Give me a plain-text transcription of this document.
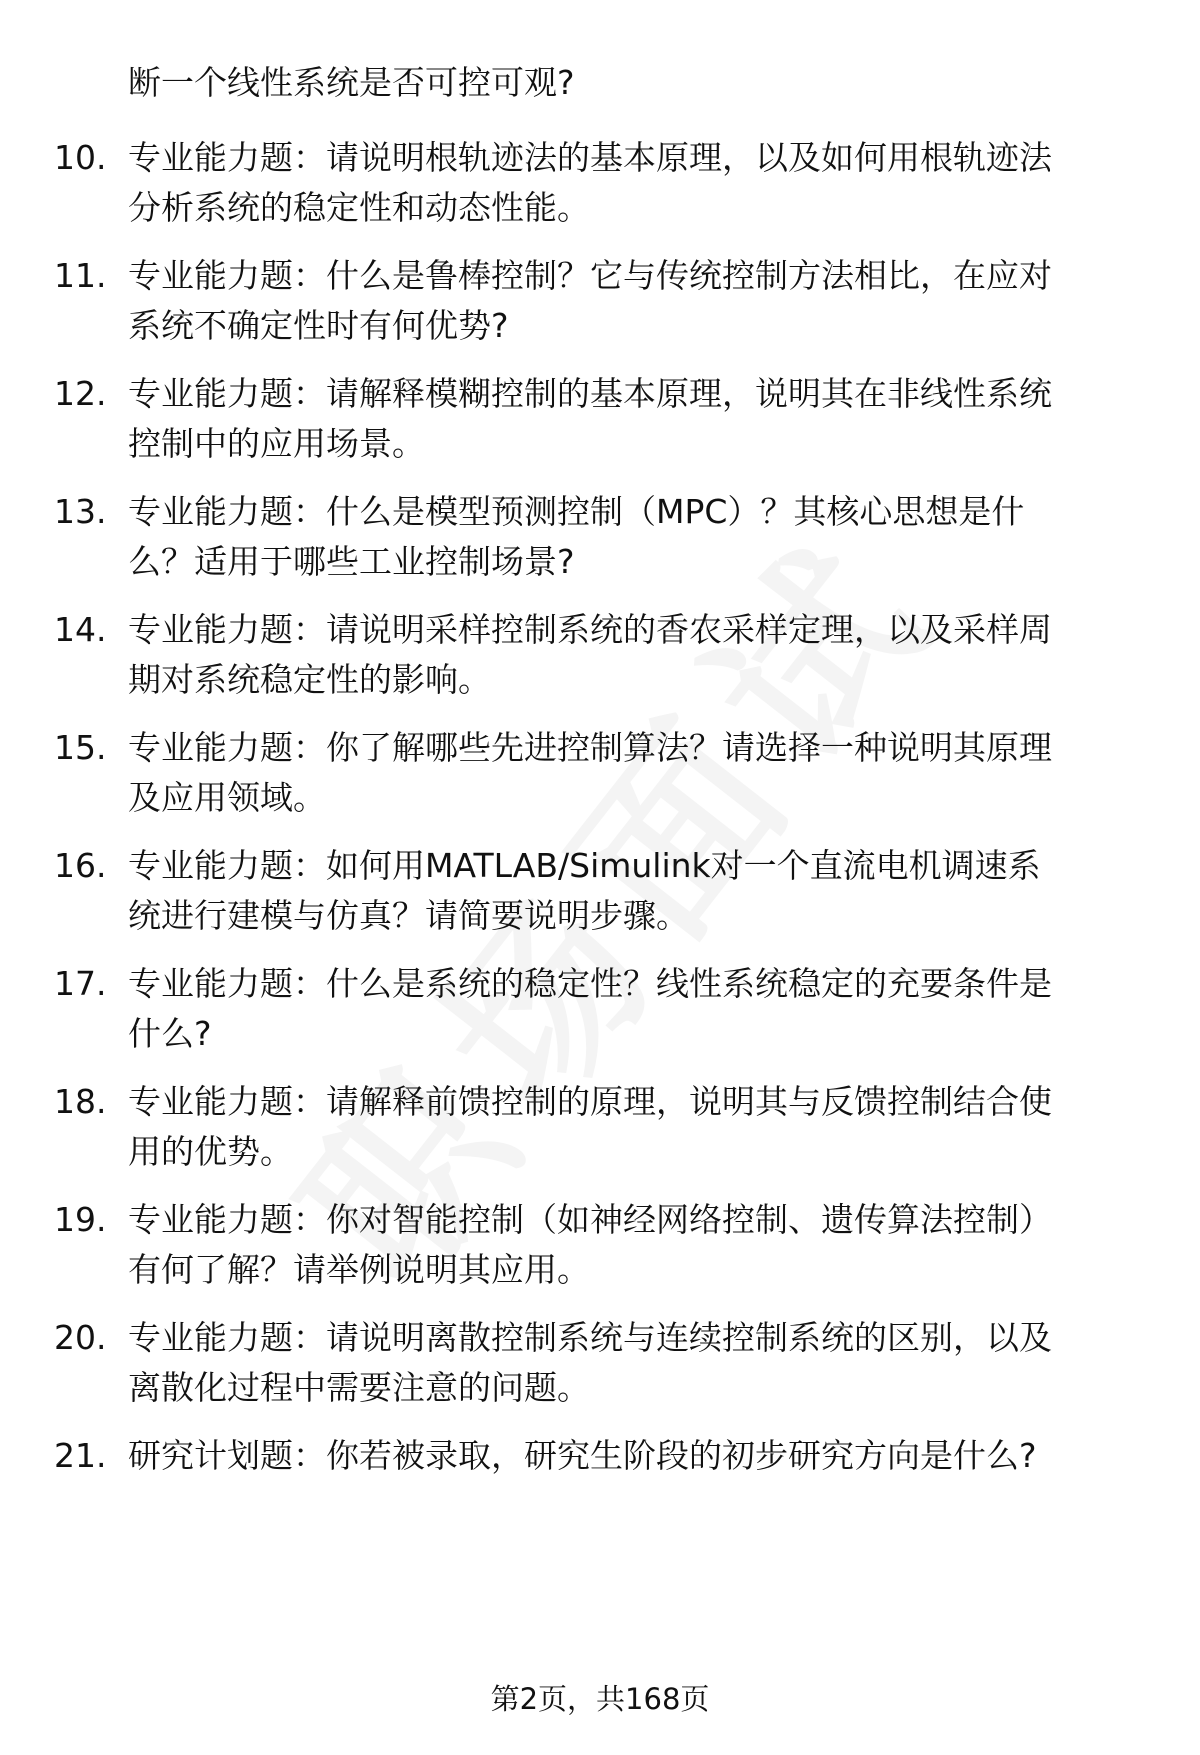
断一个线性系统是否可控可观?
10. 专业能力题：请说明根轨迹法的基本原理，以及如何用根轨迹法
分析系统的稳定性和动态性能。
11. 专业能力题：什么是鲁棒控制？它与传统控制方法相比，在应对
系统不确定性时有何优势?
12. 专业能力题：请解释模糊控制的基本原理，说明其在非线性系统
控制中的应用场景。
13. 专业能力题：什么是模型预测控制（MPC）？其核心思想是什
么？适用于哪些工业控制场景?
14. 专业能力题：请说明采样控制系统的香农采样定理，以及采样周
期对系统稳定性的影响。
15. 专业能力题：你了解哪些先进控制算法？请选择一种说明其原理
及应用领域。
16. 专业能力题：如何用MATLAB/Simulink对一个直流电机调速系
统进行建模与仿真？请简要说明步骤。
17. 专业能力题：什么是系统的稳定性？线性系统稳定的充要条件是
什么?
18. 专业能力题：请解释前馈控制的原理，说明其与反馈控制结合使
用的优势。
19. 专业能力题：你对智能控制（如神经网络控制、遗传算法控制）
有何了解？请举例说明其应用。
20. 专业能力题：请说明离散控制系统与连续控制系统的区别，以及
离散化过程中需要注意的问题。
21. 研究计划题：你若被录取，研究生阶段的初步研究方向是什么?
第2页，共168页
